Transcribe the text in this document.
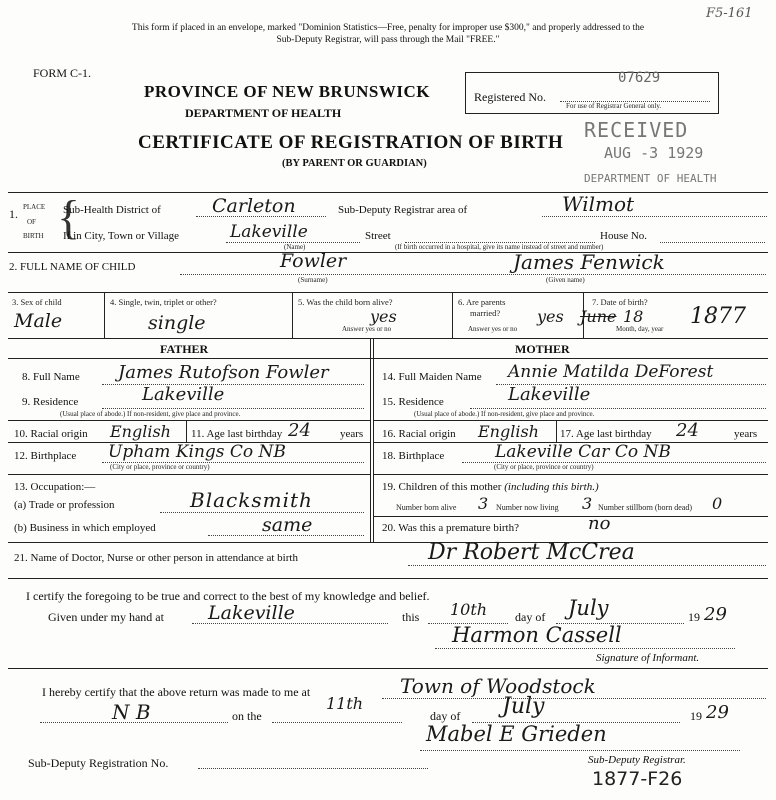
This form if placed in an envelope, marked "Dominion Statistics—Free, penalty for improper use $300," and properly addressed to the
Sub-Deputy Registrar, will pass through the Mail "FREE."
F5-161
FORM C-1.
PROVINCE OF NEW BRUNSWICK
DEPARTMENT OF HEALTH
CERTIFICATE OF REGISTRATION OF BIRTH
(BY PARENT OR GUARDIAN)
Registered No.
07629
For use of Registrar General only.
RECEIVED
AUG -3 1929
DEPARTMENT OF HEALTH
1. PLACE
OF
BIRTH {
Sub-Health District of	Carleton	Sub-Deputy Registrar area of	Wilmot
If in City, Town or Village	Lakeville
(Name)
Street	House No.
(If birth occurred in a hospital, give its name instead of street and number)
2. FULL NAME OF CHILD	Fowler	James Fenwick
(Surname)	(Given name)
3. Sex of child
Male
4. Single, twin, triplet or other?
single
5. Was the child born alive?
yes
Answer yes or no
6. Are parents
married? yes
Answer yes or no
7. Date of birth?
June 18 1877
Month, day, year
FATHER	MOTHER
8. Full Name James Rutofson Fowler
9. Residence	Lakeville
(Usual place of abode.) If non-resident, give place and province.
10. Racial origin English 11. Age last birthday 24	years
12. Birthplace Upham Kings Co NB
(City or place, province or country)
13. Occupation:—
(a) Trade or profession	Blacksmith
(b) Business in which employed	same
14. Full Maiden Name Annie Matilda DeForest
15. Residence	Lakeville
(Usual place of abode.) If non-resident, give place and province.
16. Racial origin English 17. Age last birthday 24	years
18. Birthplace	Lakeville Car Co NB
(City or place, province or country)
19. Children of this mother (including this birth.)
Number born alive 3 Number now living 3 Number stillborn (born dead) 0
20. Was this a premature birth?	no
21. Name of Doctor, Nurse or other person in attendance at birth	Dr Robert McCrea
I certify the foregoing to be true and correct to the best of my knowledge and belief.
Given under my hand at Lakeville	this 10th day of July	19 29
Harmon Cassell
Signature of Informant.
I hereby certify that the above return was made to me at	Town of Woodstock
N B	on the
11th
day of July	19 29
Mabel E Grieden
Sub-Deputy Registration No.	Sub-Deputy Registrar.
1877-F26
